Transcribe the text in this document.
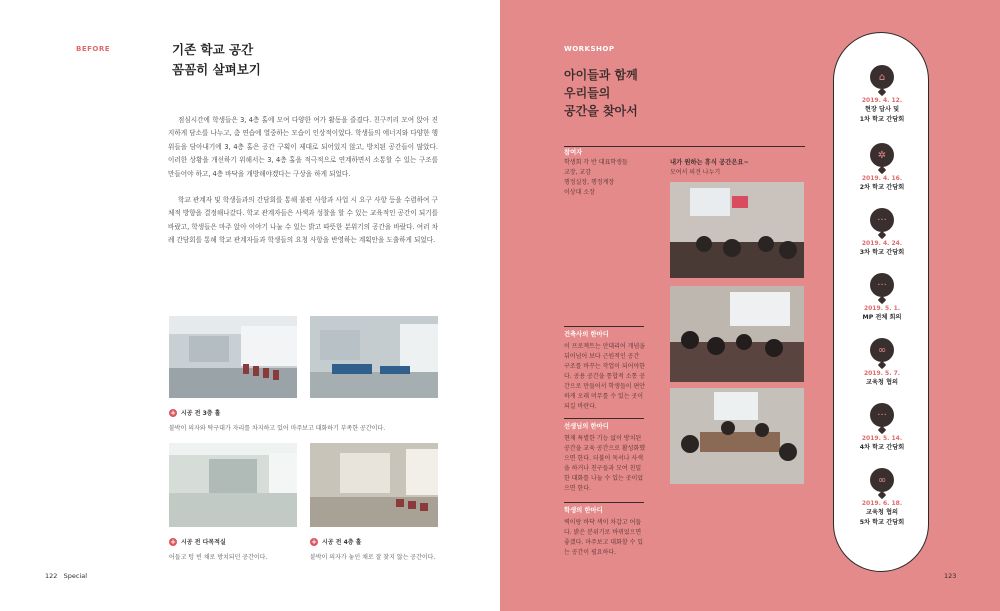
BEFORE	기존 학교 공간
꼼꼼히 살펴보기
점심시간에 학생들은 3, 4층 홀에 모여 다양한 여가 활동을 즐겼다. 친구끼리 모여 앉아 진지하게 담소를 나누고, 춤 연습에 열중하는 모습이 인상적이었다. 학생들의 에너지와 다양한 행위들을 담아내기에 3, 4층 홀은 공간 구획이 제대로 되어있지 않고, 방치된 공간들이 많았다. 이러한 상황을 개선하기 위해서는 3, 4층 홀을 적극적으로 연계하면서 소통할 수 있는 구조를 만들어야 하고, 4층 바닥을 개방해야겠다는 구상을 하게 되었다.
학교 관계자 및 학생들과의 간담회를 통해 불편 사항과 사업 시 요구 사항 등을 수렴하여 구체적 방향을 결정해나갔다. 학교 관계자들은 사색과 성찰을 할 수 있는 교육적인 공간이 되기를 바랐고, 학생들은 마주 앉아 이야기 나눌 수 있는 밝고 따뜻한 분위기의 공간을 바랐다. 여러 차례 간담회를 통해 학교 관계자들과 학생들의 요청 사항을 반영하는 계획안을 도출하게 되었다.
+ 시공 전 3층 홀
붙박이 의자와 탁구대가 자리를 차지하고 있어 마주보고 대화하기 부족한 공간이다.
+ 시공 전 다목적실
어둡고 텅 빈 채로 방치되던 공간이다.
+ 시공 전 4층 홀
붙박이 의자가 놓인 채로 잘 찾지 않는 공간이다.
122 Special
WORKSHOP
아이들과 함께
우리들의
공간을 찾아서
참여자
학생회 각 반 대표학생들
교장, 교감
행정실장, 행정계장
이상대 소장
내가 원하는 휴식 공간은요~
모여서 의견 나누기
건축사의 한마디
이 프로젝트는 안대리어 개념을 뒤어넘어 보다 근원적인 공간 구조를 바꾸는 작업이 되어야한다. 공용 공간을 통합적 소통 공간으로 만들어서 학생들이 편안하게 오래 머무를 수 있는 곳이 되길 바란다.
선생님의 한마디
현재 특별한 기능 없이 방치된 공간을 교육 공간으로 활성화했으면 한다. 더불어 독서나 사색을 하거나 친구들과 모여 친밀한 대화를 나눌 수 있는 곳이었으면 한다.
학생의 한마디
벽이랑 바닥 색이 차갑고 어둡다. 밝은 분위기로 바뀌었으면 좋겠다. 마주보고 대화할 수 있는 공간이 필요하다.
123
⌂
2019. 4. 12.
현장 답사 및
1차 학교 간담회
✲
2019. 4. 16.
2차 학교 간담회
···
2019. 4. 24.
3차 학교 간담회
···
2019. 5. 1.
MP 전체 회의
∞
2019. 5. 7.
교육청 협의
···
2019. 5. 14.
4차 학교 간담회
∞
2019. 6. 18.
교육청 협의
5차 학교 간담회
